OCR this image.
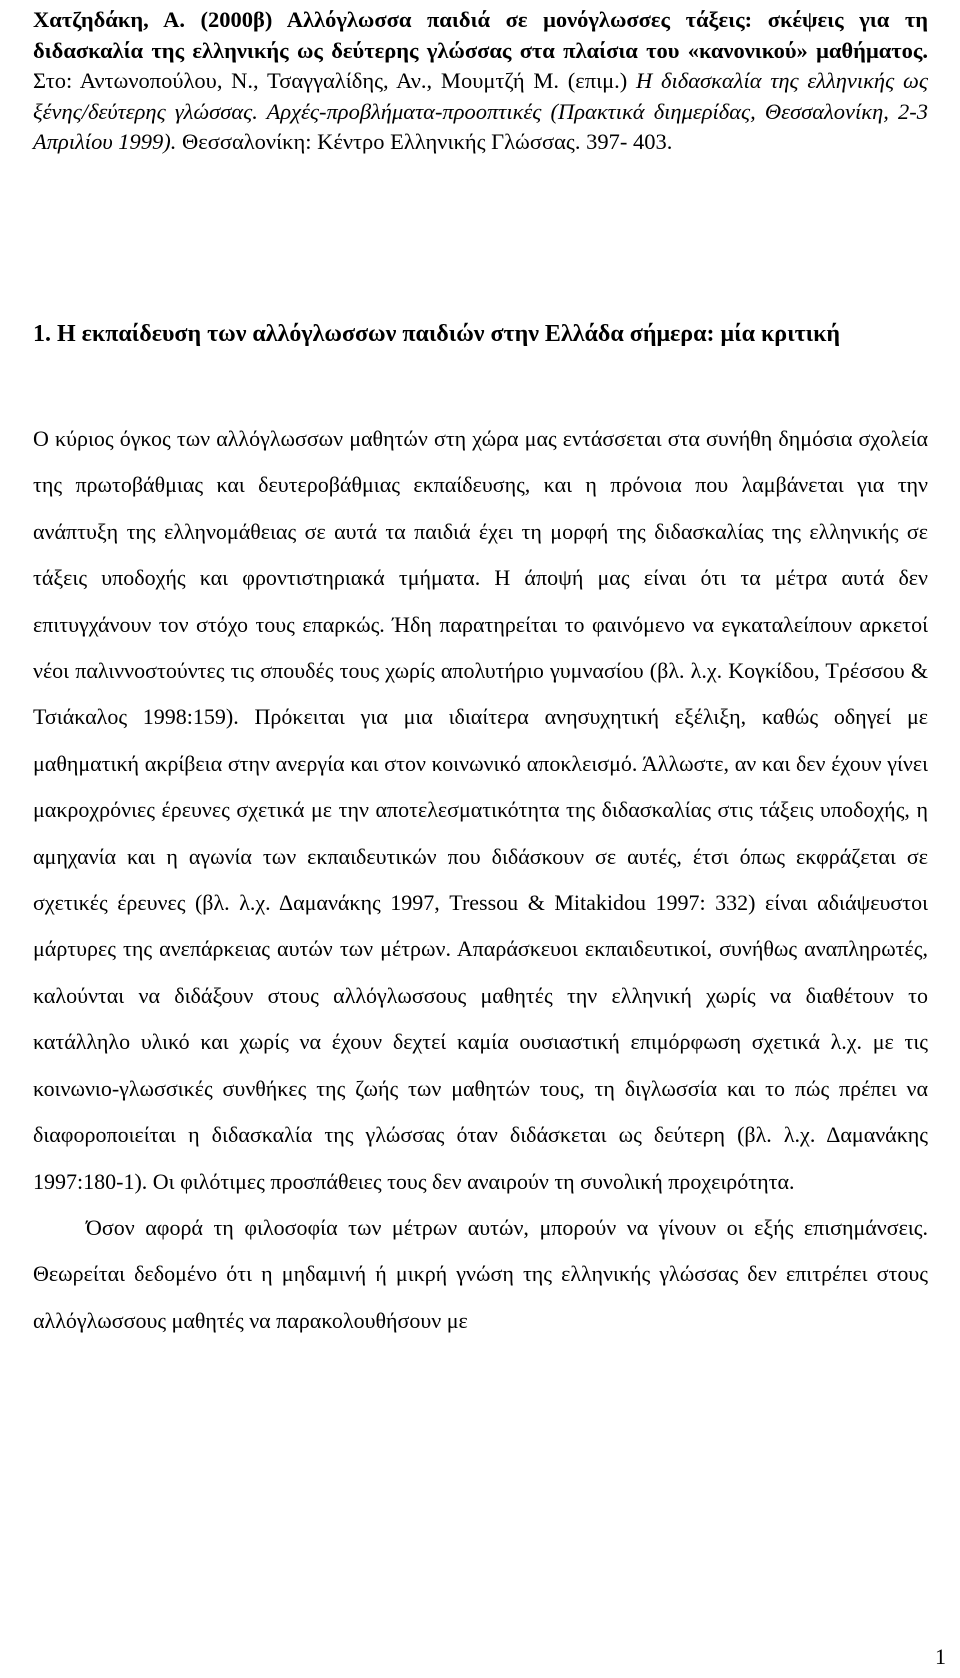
Χατζηδάκη, Α. (2000β) Αλλόγλωσσα παιδιά σε μονόγλωσσες τάξεις: σκέψεις για τη διδασκαλία της ελληνικής ως δεύτερης γλώσσας στα πλαίσια του «κανονικού» μαθήματος. Στο: Αντωνοπούλου, Ν., Τσαγγαλίδης, Αν., Μουμτζή Μ. (επιμ.) Η διδασκαλία της ελληνικής ως ξένης/δεύτερης γλώσσας. Αρχές-προβλήματα-προοπτικές (Πρακτικά διημερίδας, Θεσσαλονίκη, 2-3 Απριλίου 1999). Θεσσαλονίκη: Κέντρο Ελληνικής Γλώσσας. 397- 403.
1. Η εκπαίδευση των αλλόγλωσσων παιδιών στην Ελλάδα σήμερα: μία κριτική

Ο κύριος όγκος των αλλόγλωσσων μαθητών στη χώρα μας εντάσσεται στα συνήθη δημόσια σχολεία της πρωτοβάθμιας και δευτεροβάθμιας εκπαίδευσης, και η πρόνοια που λαμβάνεται για την ανάπτυξη της ελληνομάθειας σε αυτά τα παιδιά έχει τη μορφή της διδασκαλίας της ελληνικής σε τάξεις υποδοχής και φροντιστηριακά τμήματα. Η άποψή μας είναι ότι τα μέτρα αυτά δεν επιτυγχάνουν τον στόχο τους επαρκώς. Ήδη παρατηρείται το φαινόμενο να εγκαταλείπουν αρκετοί νέοι παλιννοστούντες τις σπουδές τους χωρίς απολυτήριο γυμνασίου (βλ. λ.χ. Κογκίδου, Τρέσσου & Τσιάκαλος 1998:159). Πρόκειται για μια ιδιαίτερα ανησυχητική εξέλιξη, καθώς οδηγεί με μαθηματική ακρίβεια στην ανεργία και στον κοινωνικό αποκλεισμό. Άλλωστε, αν και δεν έχουν γίνει μακροχρόνιες έρευνες σχετικά με την αποτελεσματικότητα της διδασκαλίας στις τάξεις υποδοχής, η αμηχανία και η αγωνία των εκπαιδευτικών που διδάσκουν σε αυτές, έτσι όπως εκφράζεται σε σχετικές έρευνες (βλ. λ.χ. Δαμανάκης 1997, Tressou & Mitakidou 1997: 332) είναι αδιάψευστοι μάρτυρες της ανεπάρκειας αυτών των μέτρων. Απαράσκευοι εκπαιδευτικοί, συνήθως αναπληρωτές, καλούνται να διδάξουν στους αλλόγλωσσους μαθητές την ελληνική χωρίς να διαθέτουν το κατάλληλο υλικό και χωρίς να έχουν δεχτεί καμία ουσιαστική επιμόρφωση σχετικά λ.χ. με τις κοινωνιο-γλωσσικές συνθήκες της ζωής των μαθητών τους, τη διγλωσσία και το πώς πρέπει να διαφοροποιείται η διδασκαλία της γλώσσας όταν διδάσκεται ως δεύτερη (βλ. λ.χ. Δαμανάκης 1997:180-1). Οι φιλότιμες προσπάθειες τους δεν αναιρούν τη συνολική προχειρότητα.

Όσον αφορά τη φιλοσοφία των μέτρων αυτών, μπορούν να γίνουν οι εξής επισημάνσεις. Θεωρείται δεδομένο ότι η μηδαμινή ή μικρή γνώση της ελληνικής γλώσσας δεν επιτρέπει στους αλλόγλωσσους μαθητές να παρακολουθήσουν με

1
